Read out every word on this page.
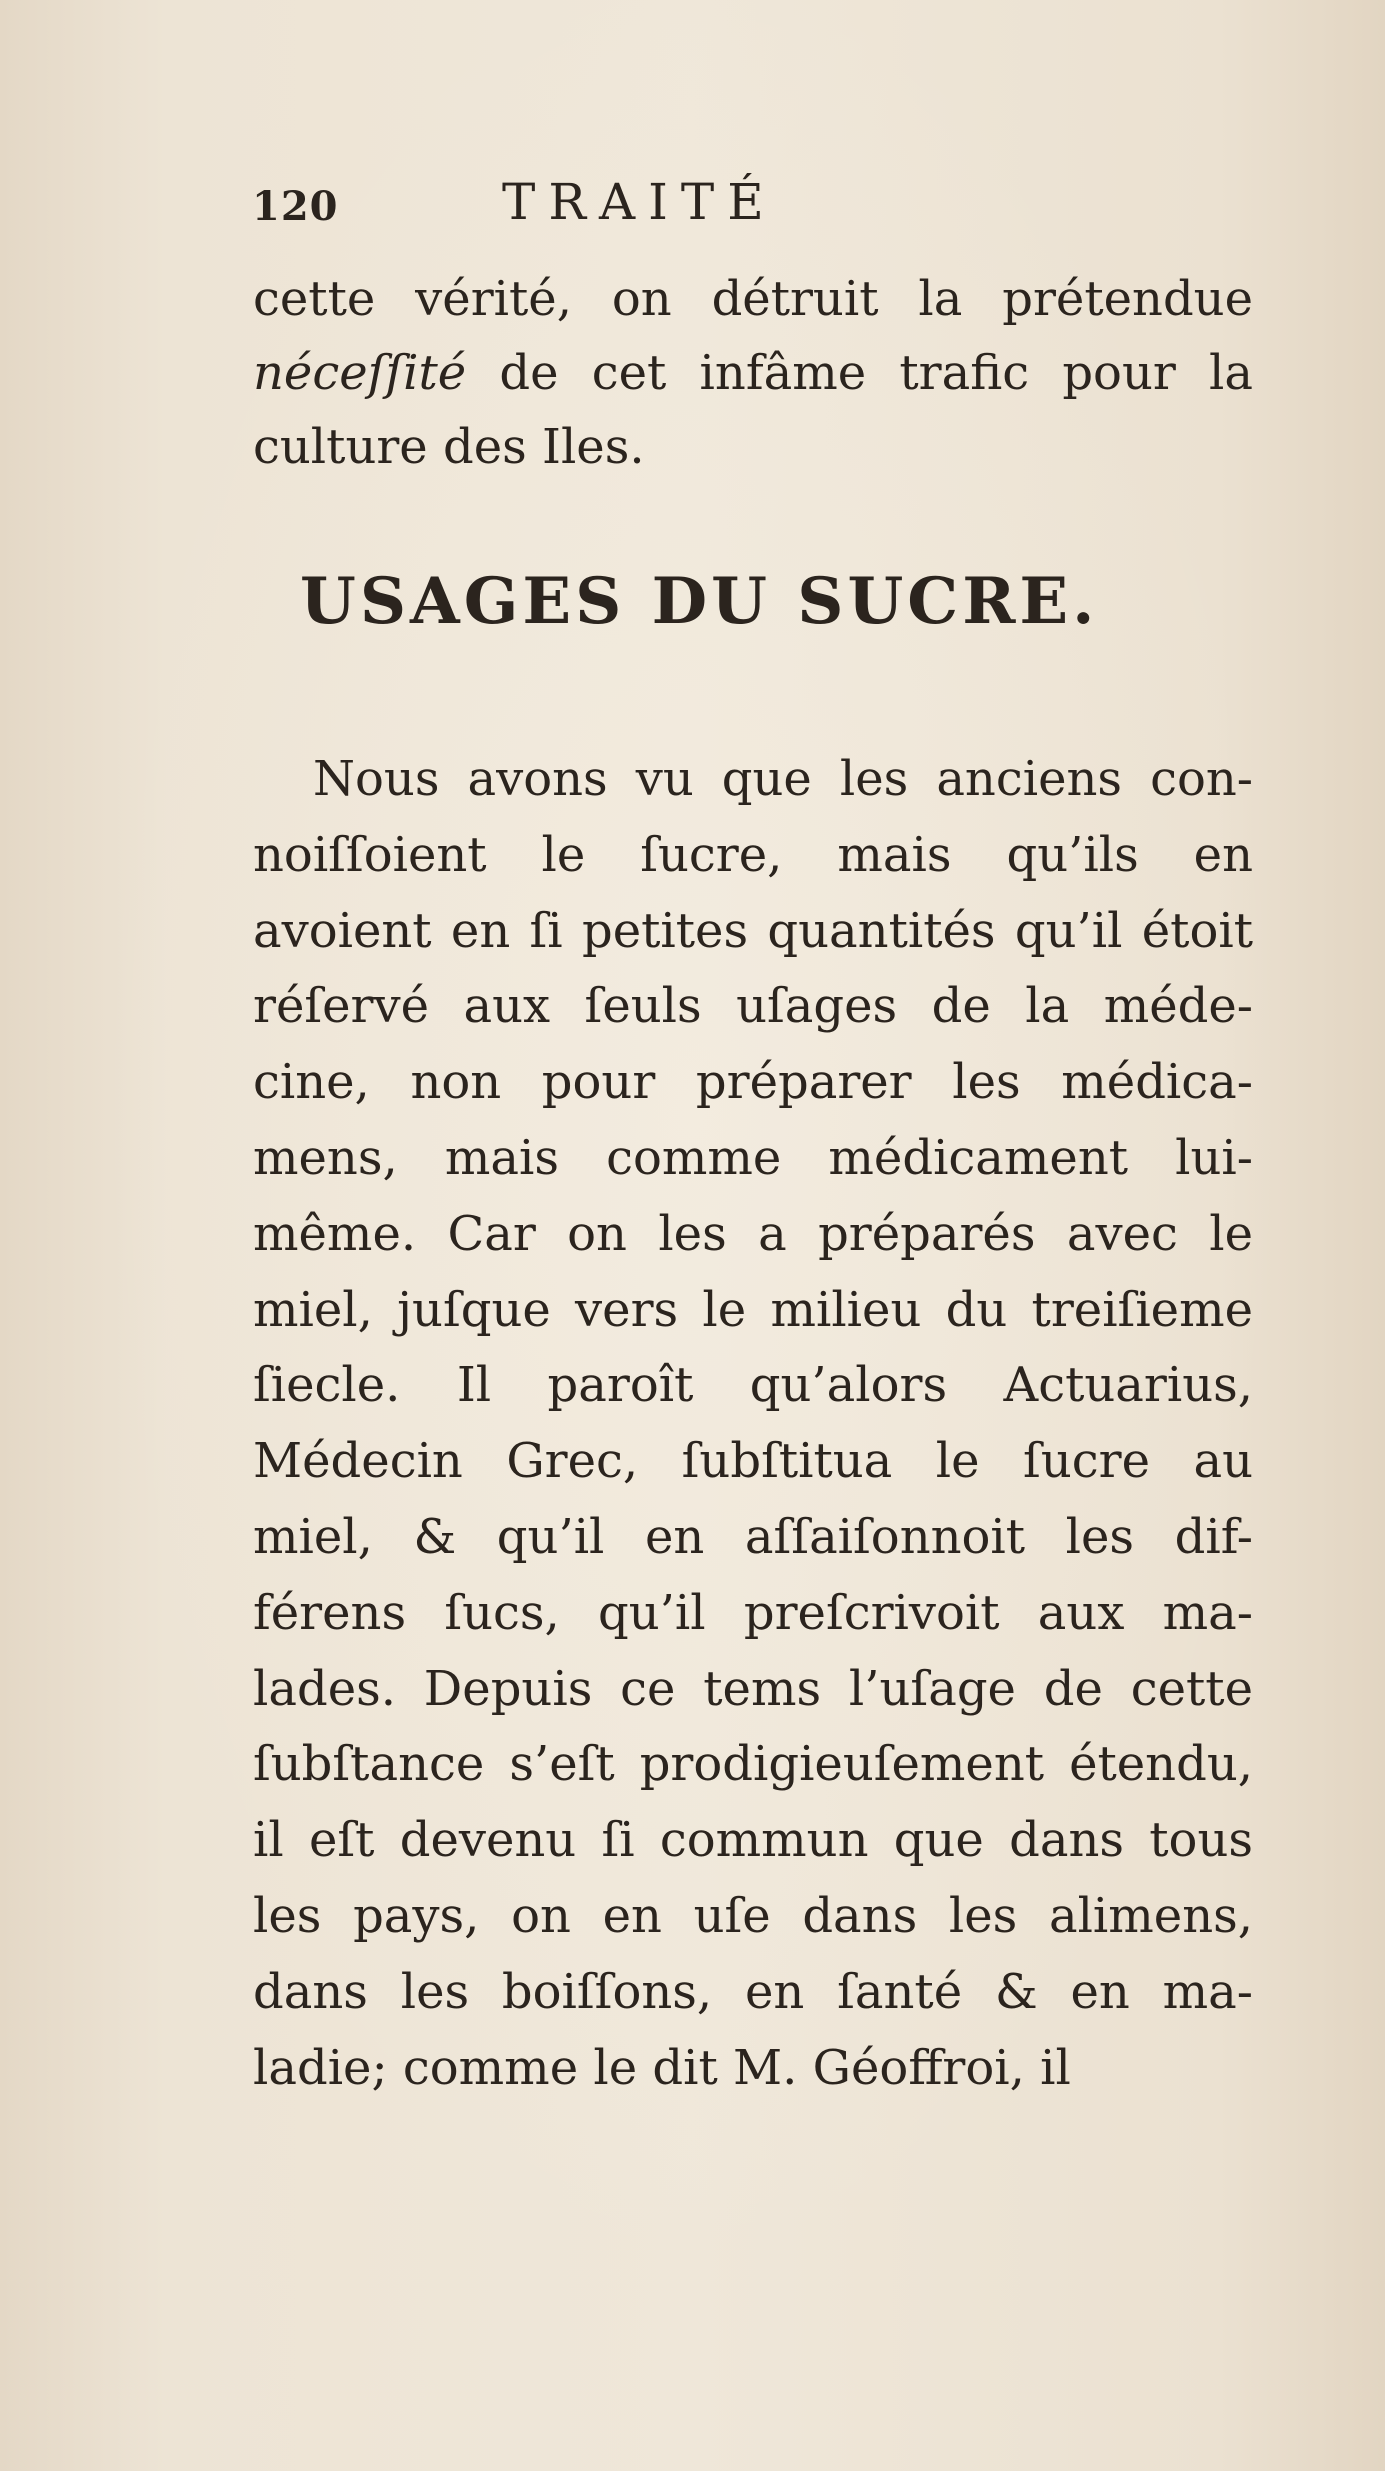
120	TRAITÉ
cette vérité, on détruit la prétendue
néceſſité de cet infâme trafic pour la
culture des Iles.
USAGES DU SUCRE.
Nous avons vu que les anciens con-
noiſſoient le ſucre, mais qu’ils en
avoient en ſi petites quantités qu’il étoit
réſervé aux ſeuls uſages de la méde-
cine, non pour préparer les médica-
mens, mais comme médicament lui-
même. Car on les a préparés avec le
miel, juſque vers le milieu du treiſieme
ſiecle. Il paroît qu’alors Actuarius,
Médecin Grec, ſubſtitua le ſucre au
miel, & qu’il en aſſaiſonnoit les dif-
férens ſucs, qu’il preſcrivoit aux ma-
lades. Depuis ce tems l’uſage de cette
ſubſtance s’eſt prodigieuſement étendu,
il eſt devenu ſi commun que dans tous
les pays, on en uſe dans les alimens,
dans les boiſſons, en ſanté & en ma-
ladie; comme le dit M. Géoffroi, il
